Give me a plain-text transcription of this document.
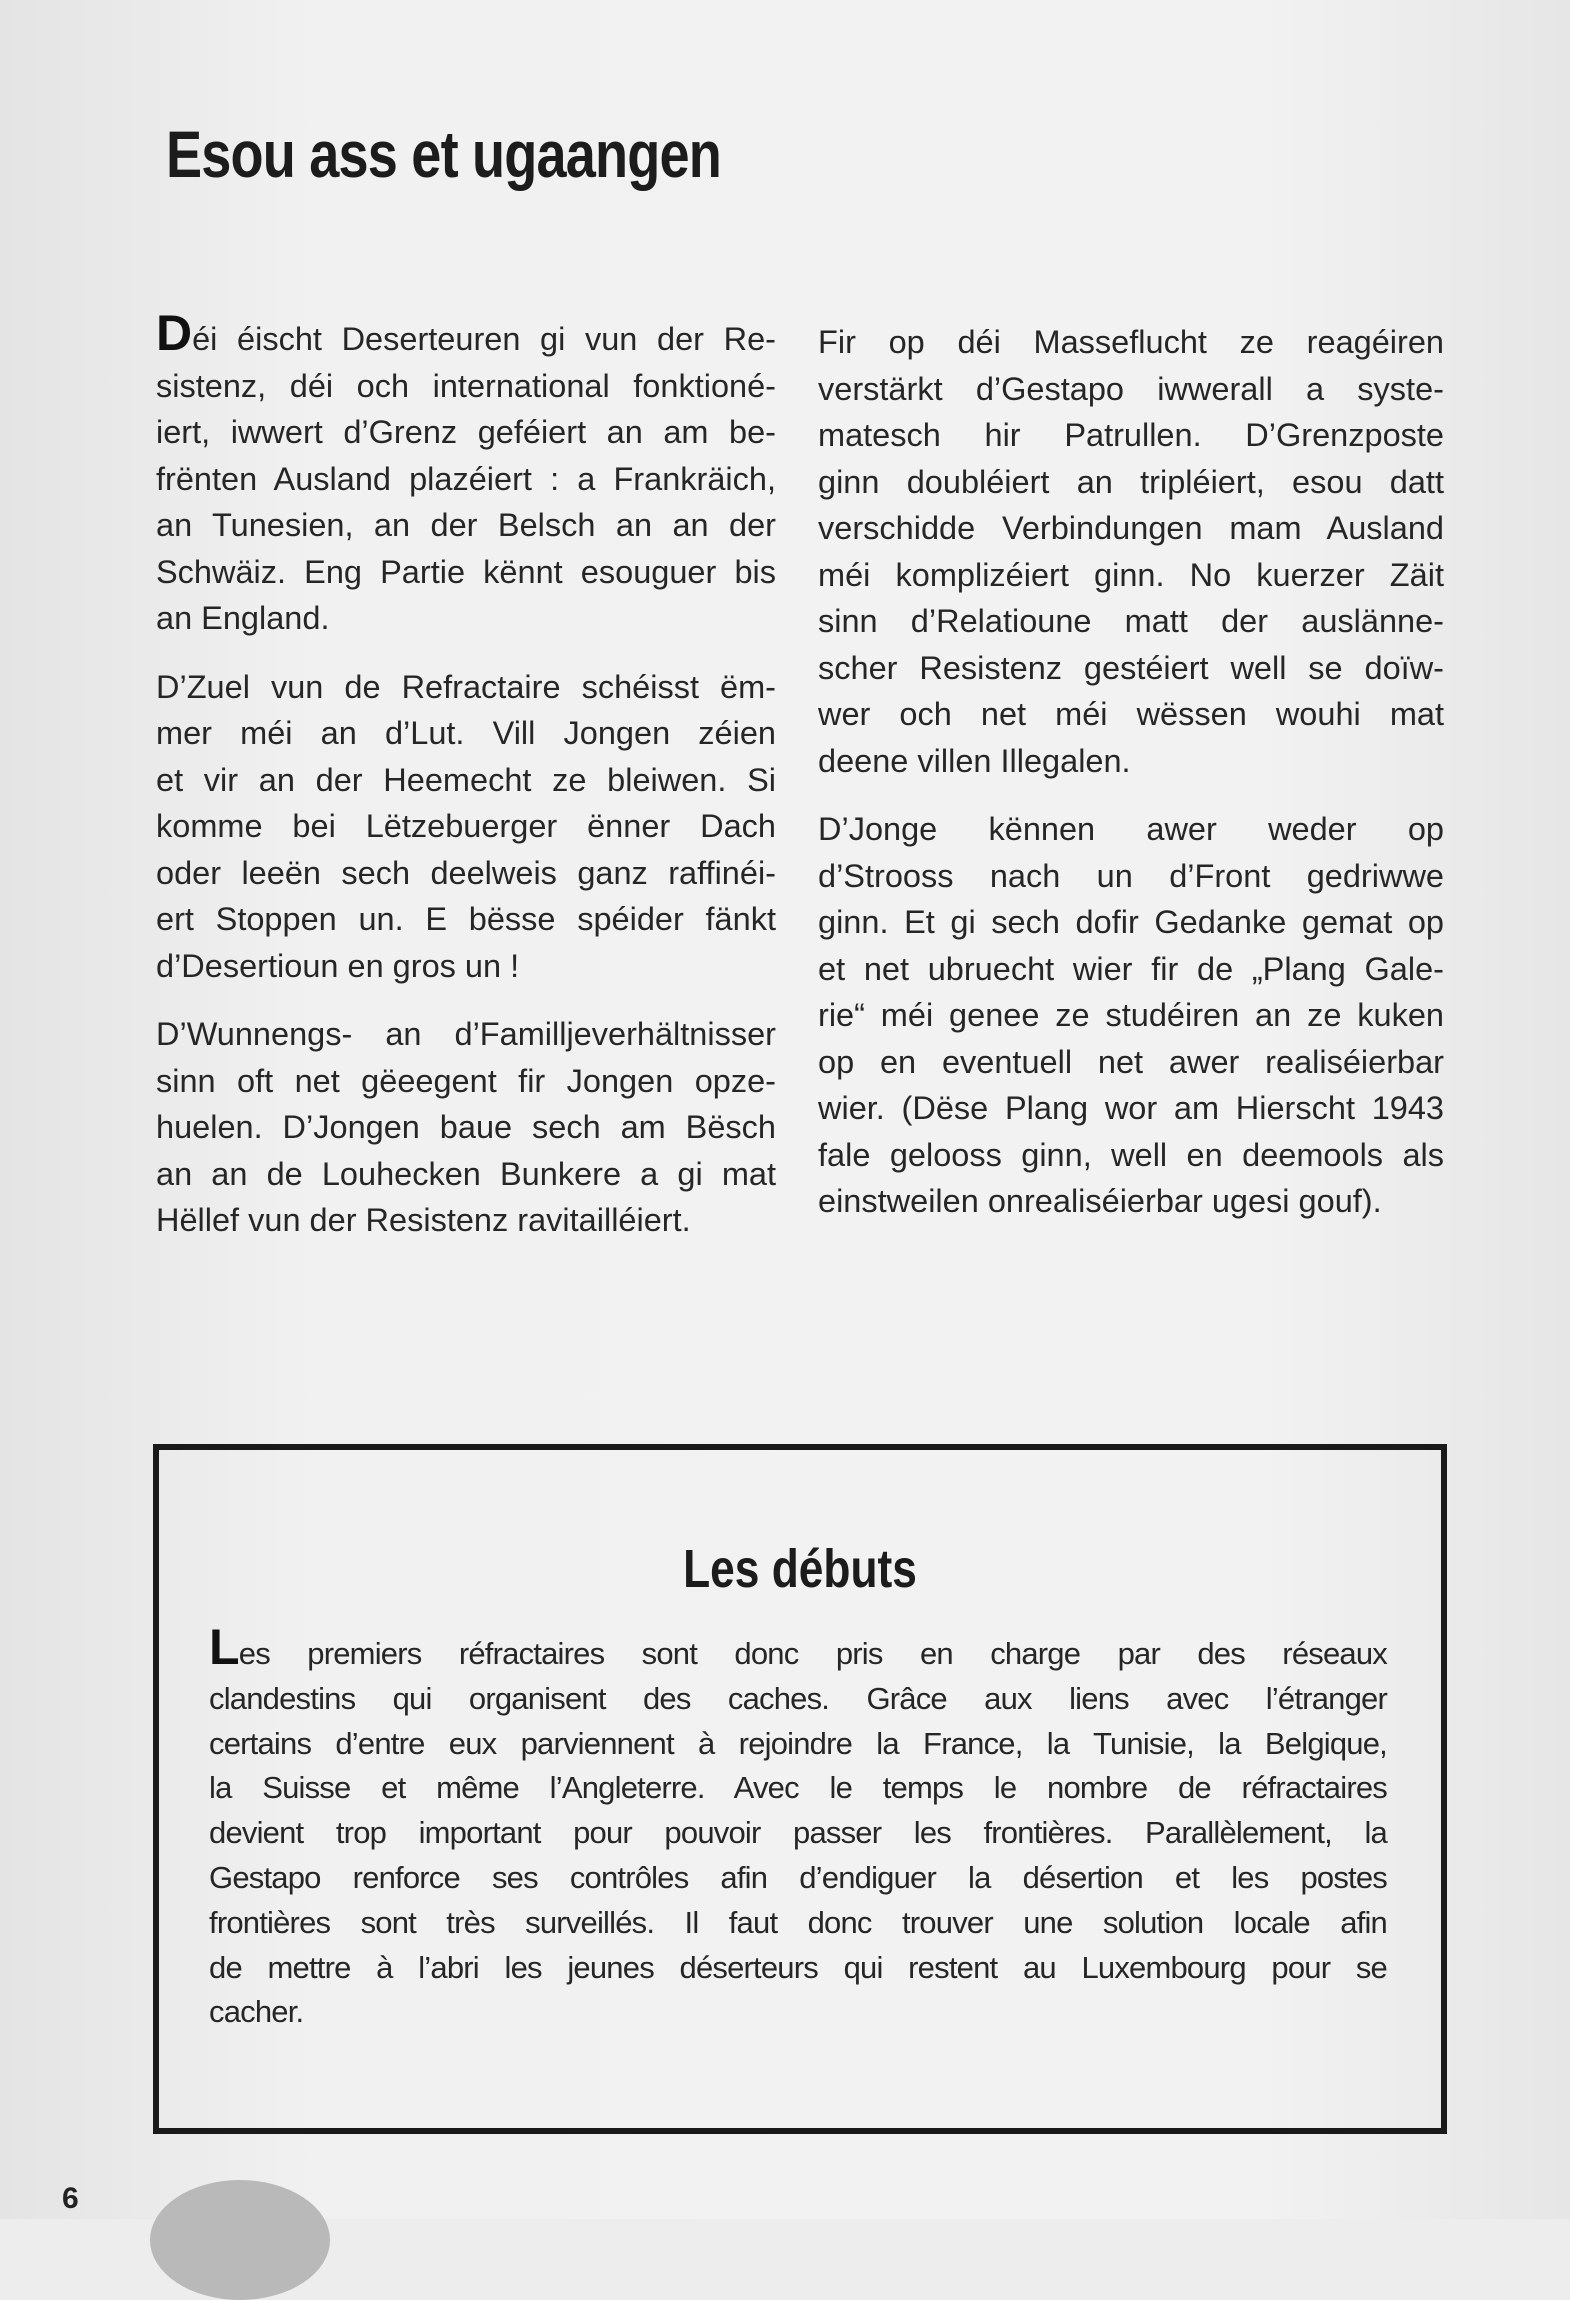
Esou ass et ugaangen
Déi éischt Deserteuren gi vun der Re-
sistenz, déi och international fonktioné-
iert, iwwert d’Grenz geféiert an am be-
frënten Ausland plazéiert : a Frankräich,
an Tunesien, an der Belsch an an der
Schwäiz. Eng Partie kënnt esouguer bis
an England.
D’Zuel vun de Refractaire schéisst ëm-
mer méi an d’Lut. Vill Jongen zéien
et vir an der Heemecht ze bleiwen. Si
komme bei Lëtzebuerger ënner Dach
oder leeën sech deelweis ganz raffinéi-
ert Stoppen un. E bësse spéider fänkt
d’Desertioun en gros un !
D’Wunnengs- an d’Familljeverhältnisser
sinn oft net gëeegent fir Jongen opze-
huelen. D’Jongen baue sech am Bësch
an an de Louhecken Bunkere a gi mat
Hëllef vun der Resistenz ravitailléiert.
Fir op déi Masseflucht ze reagéiren
verstärkt d’Gestapo iwwerall a syste-
matesch hir Patrullen. D’Grenzposte
ginn doubléiert an tripléiert, esou datt
verschidde Verbindungen mam Ausland
méi komplizéiert ginn. No kuerzer Zäit
sinn d’Relatioune matt der auslänne-
scher Resistenz gestéiert well se doïw-
wer och net méi wëssen wouhi mat
deene villen Illegalen.
D’Jonge kënnen awer weder op
d’Strooss nach un d’Front gedriwwe
ginn. Et gi sech dofir Gedanke gemat op
et net ubruecht wier fir de „Plang Gale-
rie“ méi genee ze studéiren an ze kuken
op en eventuell net awer realiséierbar
wier. (Dëse Plang wor am Hierscht 1943
fale gelooss ginn, well en deemools als
einstweilen onrealiséierbar ugesi gouf).
Les débuts
Les premiers réfractaires sont donc pris en charge par des réseaux
clandestins qui organisent des caches. Grâce aux liens avec l’étranger
certains d’entre eux parviennent à rejoindre la France, la Tunisie, la Belgique,
la Suisse et même l’Angleterre. Avec le temps le nombre de réfractaires
devient trop important pour pouvoir passer les frontières. Parallèlement, la
Gestapo renforce ses contrôles afin d’endiguer la désertion et les postes
frontières sont très surveillés. Il faut donc trouver une solution locale afin
de mettre à l’abri les jeunes déserteurs qui restent au Luxembourg pour se
cacher.
6
